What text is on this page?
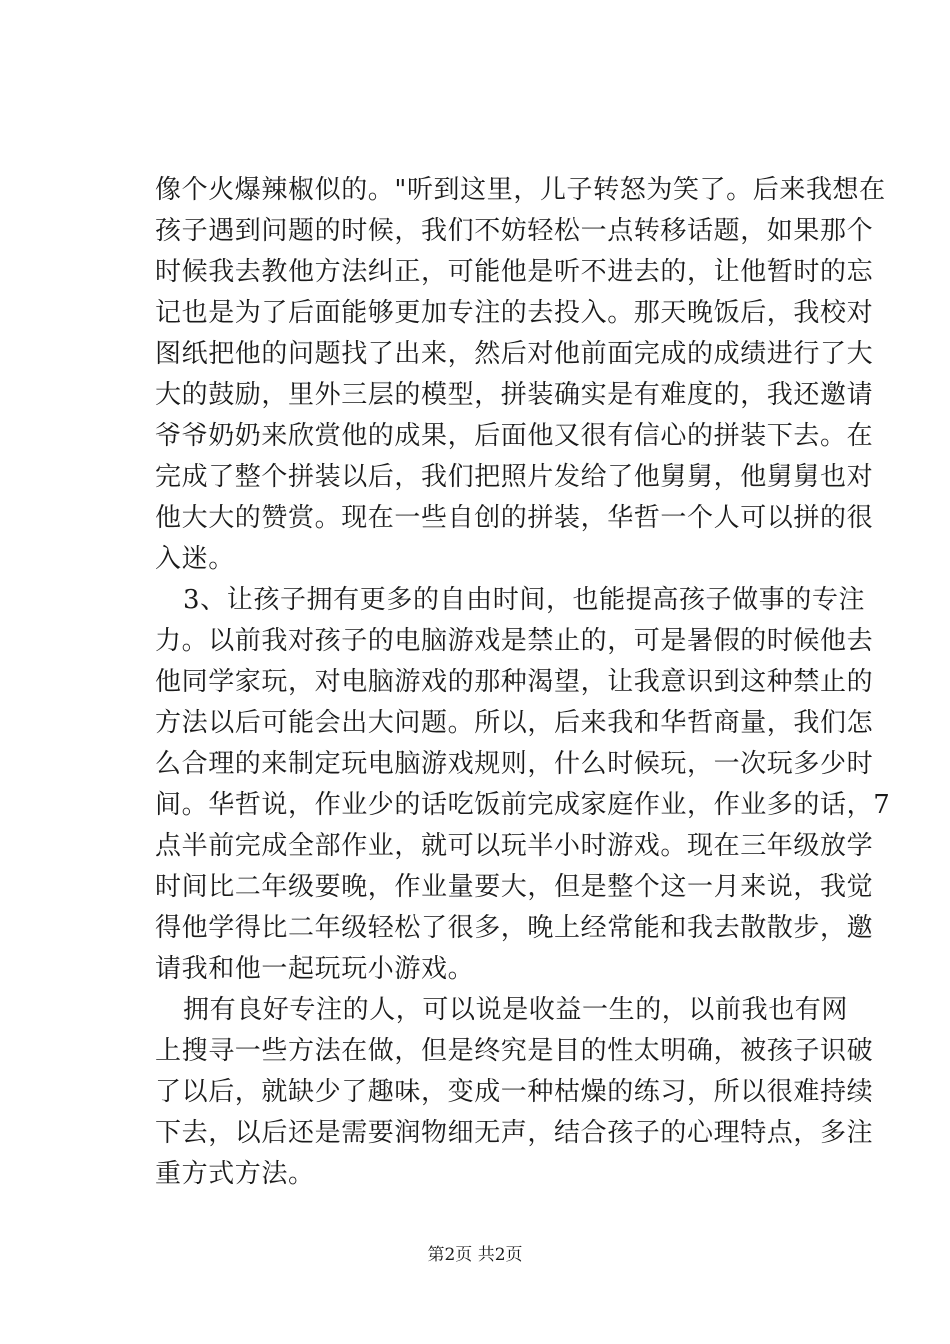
像个火爆辣椒似的。"听到这里，儿子转怒为笑了。后来我想在
孩子遇到问题的时候，我们不妨轻松一点转移话题，如果那个
时候我去教他方法纠正，可能他是听不进去的，让他暂时的忘
记也是为了后面能够更加专注的去投入。那天晚饭后，我校对
图纸把他的问题找了出来，然后对他前面完成的成绩进行了大
大的鼓励，里外三层的模型，拼装确实是有难度的，我还邀请
爷爷奶奶来欣赏他的成果，后面他又很有信心的拼装下去。在
完成了整个拼装以后，我们把照片发给了他舅舅，他舅舅也对
他大大的赞赏。现在一些自创的拼装，华哲一个人可以拼的很
入迷。
3、让孩子拥有更多的自由时间，也能提高孩子做事的专注
力。以前我对孩子的电脑游戏是禁止的，可是暑假的时候他去
他同学家玩，对电脑游戏的那种渴望，让我意识到这种禁止的
方法以后可能会出大问题。所以，后来我和华哲商量，我们怎
么合理的来制定玩电脑游戏规则，什么时候玩，一次玩多少时
间。华哲说，作业少的话吃饭前完成家庭作业，作业多的话，7
点半前完成全部作业，就可以玩半小时游戏。现在三年级放学
时间比二年级要晚，作业量要大，但是整个这一月来说，我觉
得他学得比二年级轻松了很多，晚上经常能和我去散散步，邀
请我和他一起玩玩小游戏。
拥有良好专注的人，可以说是收益一生的，以前我也有网
上搜寻一些方法在做，但是终究是目的性太明确，被孩子识破
了以后，就缺少了趣味，变成一种枯燥的练习，所以很难持续
下去，以后还是需要润物细无声，结合孩子的心理特点，多注
重方式方法。
第2页 共2页
